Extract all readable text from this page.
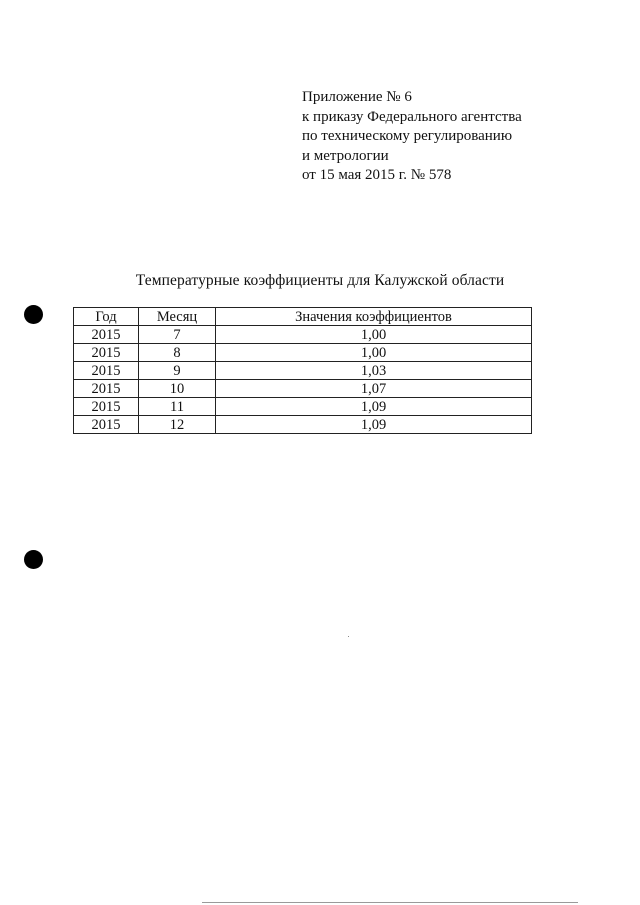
Приложение № 6
к приказу Федерального агентства
по техническому регулированию
и метрологии
от 15 мая 2015 г. № 578
Температурные коэффициенты для Калужской области
Год	Месяц	Значения коэффициентов
2015	7	1,00
2015	8	1,00
2015	9	1,03
2015	10	1,07
2015	11	1,09
2015	12	1,09
